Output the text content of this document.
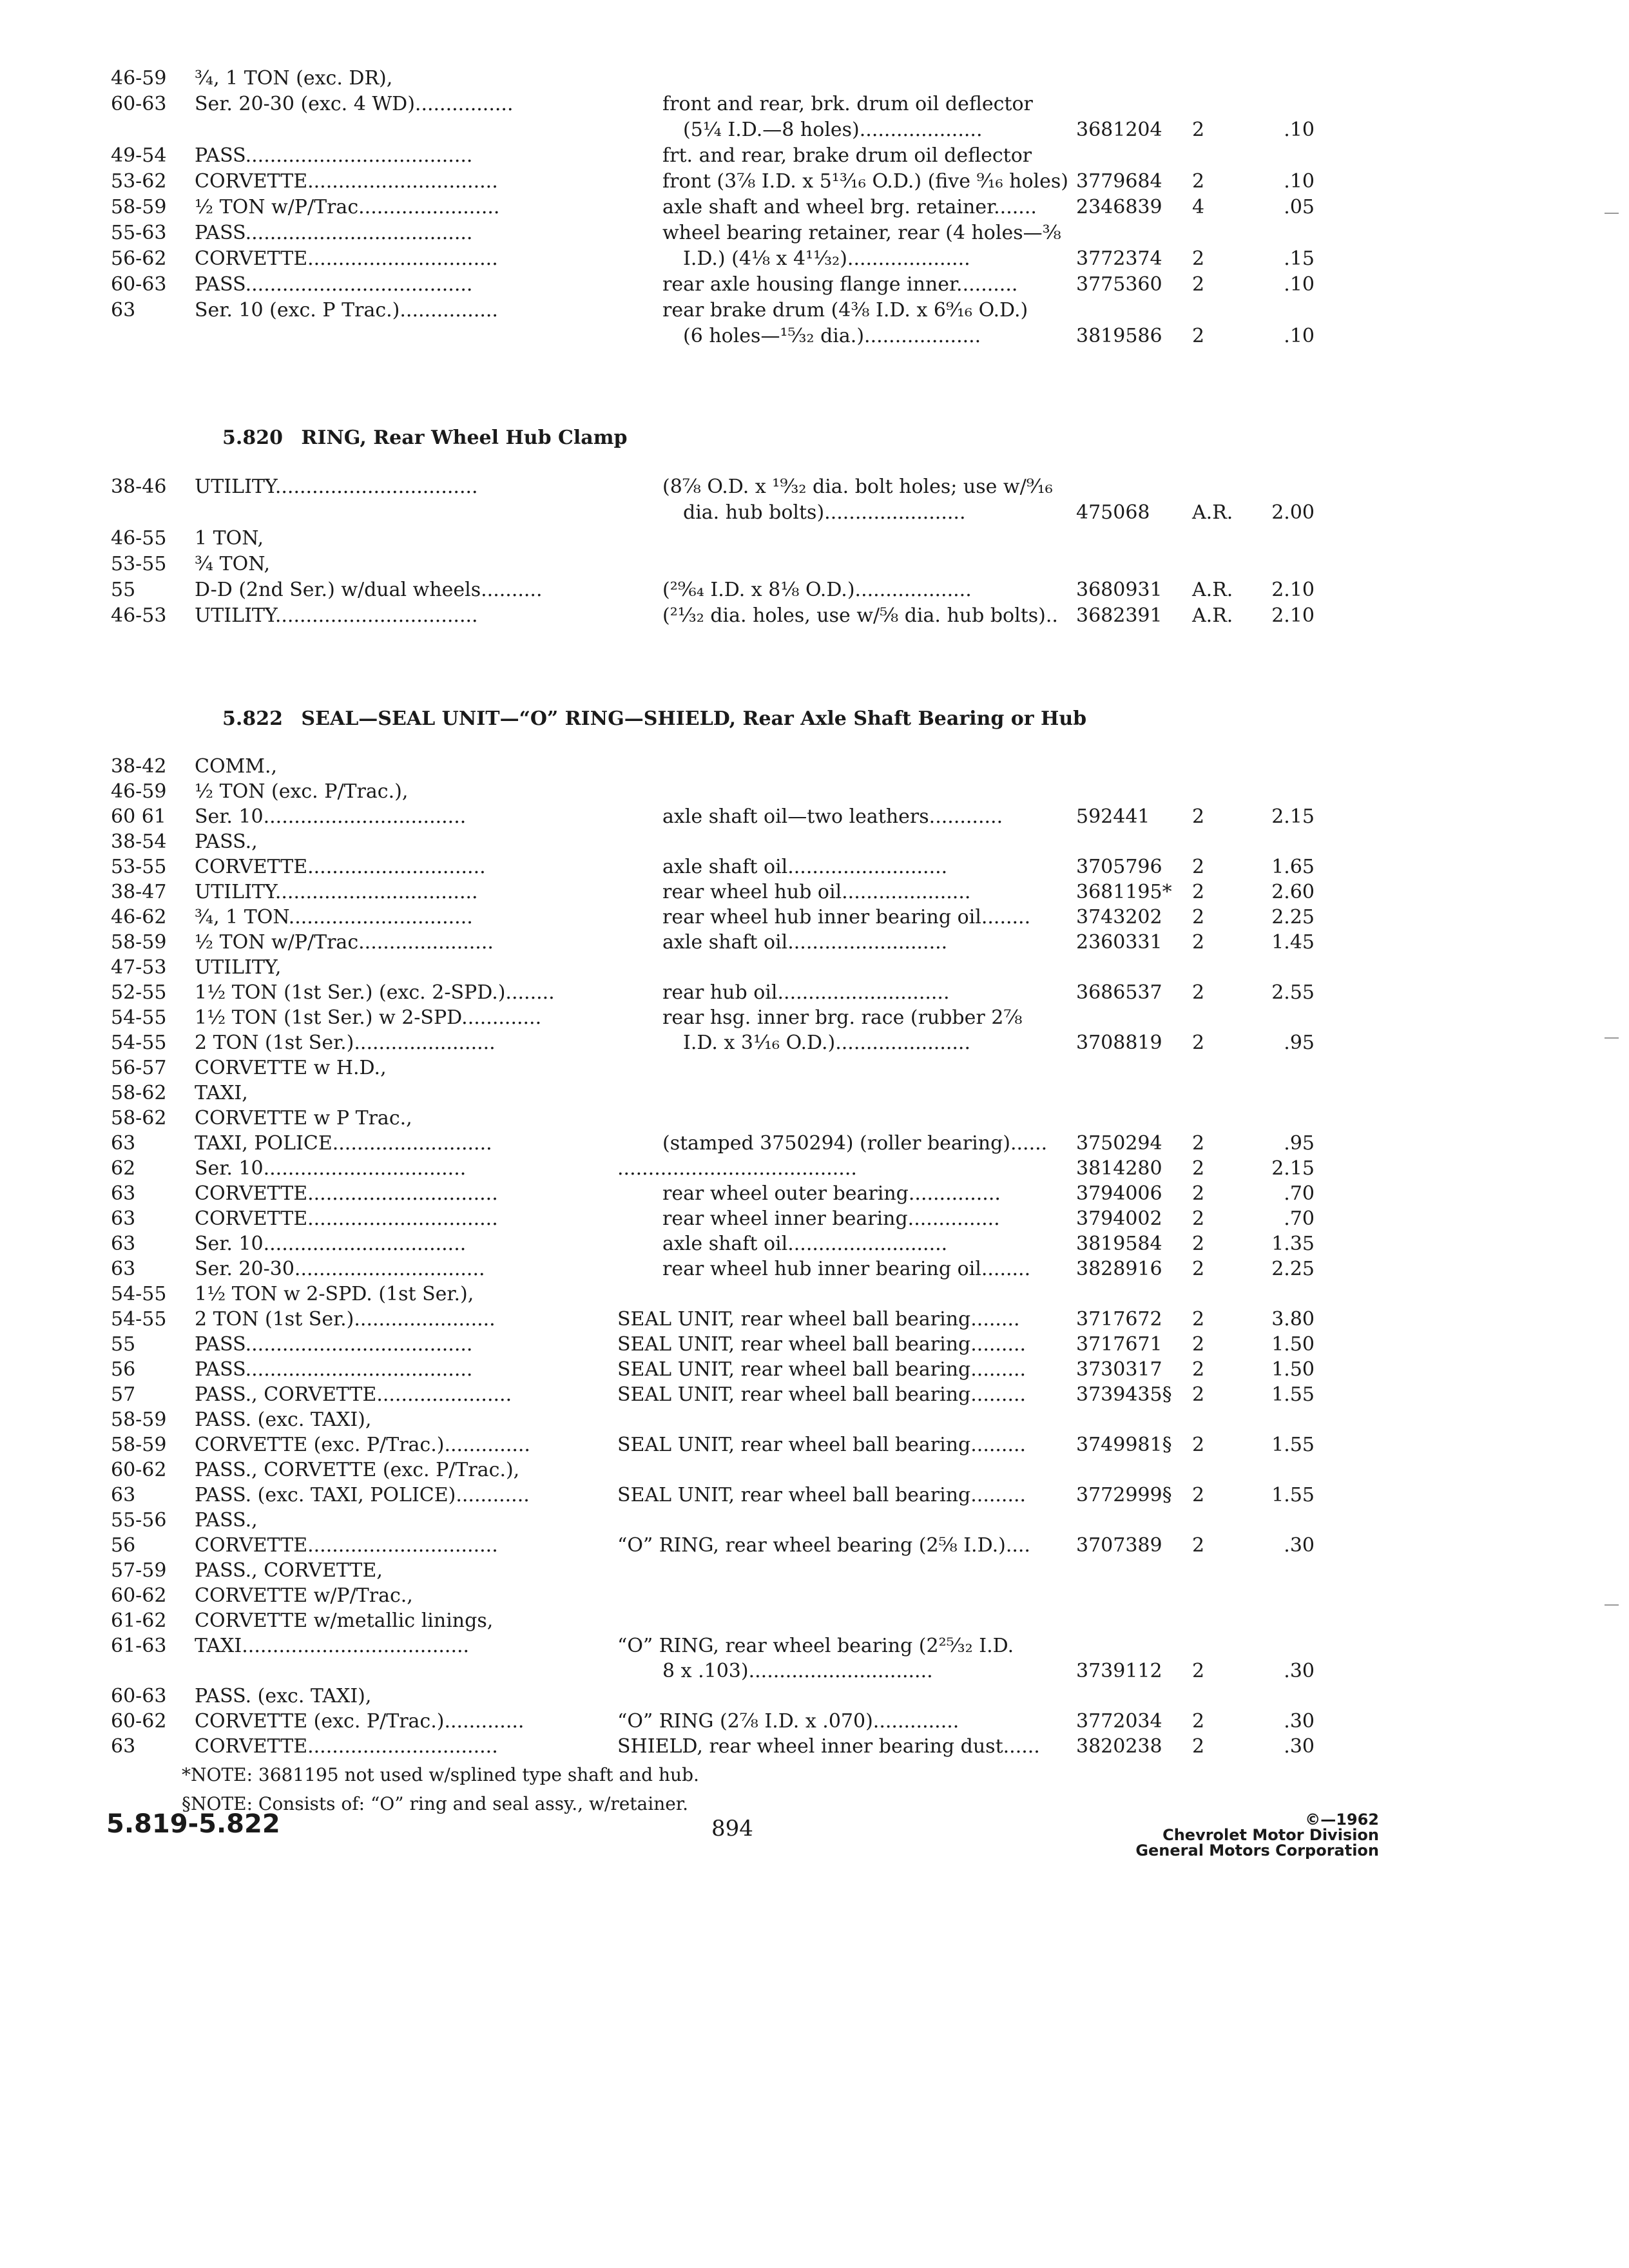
46-59	³⁄₄, 1 TON (exc. DR),
60-63	Ser. 20-30 (exc. 4 WD)................	front and rear, brk. drum oil deflector
(5¼ I.D.—8 holes)....................	3681204	2	.10
49-54	PASS.....................................	frt. and rear, brake drum oil deflector
53-62	CORVETTE...............................	front (3⅞ I.D. x 5¹³⁄₁₆ O.D.) (five ⁹⁄₁₆ holes) 3779684	2	.10
58-59	½ TON w/P/Trac.......................	axle shaft and wheel brg. retainer.......	2346839	4	.05
55-63	PASS.....................................	wheel bearing retainer, rear (4 holes—⅜
56-62	CORVETTE...............................	I.D.) (4⅛ x 4¹¹⁄₃₂)....................	3772374	2	.15
60-63	PASS.....................................	rear axle housing flange inner..........	3775360	2	.10
63	Ser. 10 (exc. P Trac.)................	rear brake drum (4⅜ I.D. x 6⁹⁄₁₆ O.D.)
(6 holes—¹⁵⁄₃₂ dia.)...................	3819586	2	.10
5.820 RING, Rear Wheel Hub Clamp
38-46	UTILITY.................................	(8⅞ O.D. x ¹⁹⁄₃₂ dia. bolt holes; use w/⁹⁄₁₆
dia. hub bolts).......................	475068	A.R.	2.00
46-55	1 TON,
53-55	³⁄₄ TON,
55	D-D (2nd Ser.) w/dual wheels..........	(²⁹⁄₆₄ I.D. x 8⅛ O.D.)...................	3680931	A.R.	2.10
46-53	UTILITY.................................	(²¹⁄₃₂ dia. holes, use w/⅝ dia. hub bolts).. 3682391	A.R.	2.10
5.822 SEAL—SEAL UNIT—“O” RING—SHIELD, Rear Axle Shaft Bearing or Hub
38-42	COMM.,
46-59	½ TON (exc. P/Trac.),
60 61	Ser. 10.................................	axle shaft oil—two leathers............	592441	2	2.15
38-54	PASS.,
53-55	CORVETTE.............................	axle shaft oil..........................	3705796	2	1.65
38-47	UTILITY.................................	rear wheel hub oil.....................	3681195*	2	2.60
46-62	³⁄₄, 1 TON..............................	rear wheel hub inner bearing oil........	3743202	2	2.25
58-59	½ TON w/P/Trac......................	axle shaft oil..........................	2360331	2	1.45
47-53	UTILITY,
52-55	1½ TON (1st Ser.) (exc. 2-SPD.)........	rear hub oil............................	3686537	2	2.55
54-55	1½ TON (1st Ser.) w 2-SPD.............	rear hsg. inner brg. race (rubber 2⅞
54-55	2 TON (1st Ser.).......................	I.D. x 3⅟₁₆ O.D.)......................	3708819	2	.95
56-57	CORVETTE w H.D.,
58-62	TAXI,
58-62	CORVETTE w P Trac.,
63	TAXI, POLICE..........................	(stamped 3750294) (roller bearing)......	3750294	2	.95
62	Ser. 10.................................	.......................................	3814280	2	2.15
63	CORVETTE...............................	rear wheel outer bearing...............	3794006	2	.70
63	CORVETTE...............................	rear wheel inner bearing...............	3794002	2	.70
63	Ser. 10.................................	axle shaft oil..........................	3819584	2	1.35
63	Ser. 20-30...............................	rear wheel hub inner bearing oil........	3828916	2	2.25
54-55	1½ TON w 2-SPD. (1st Ser.),
54-55	2 TON (1st Ser.).......................	SEAL UNIT, rear wheel ball bearing........	3717672	2	3.80
55	PASS.....................................	SEAL UNIT, rear wheel ball bearing.........	3717671	2	1.50
56	PASS.....................................	SEAL UNIT, rear wheel ball bearing.........	3730317	2	1.50
57	PASS., CORVETTE......................	SEAL UNIT, rear wheel ball bearing.........	3739435§	2	1.55
58-59	PASS. (exc. TAXI),
58-59	CORVETTE (exc. P/Trac.)..............	SEAL UNIT, rear wheel ball bearing.........	3749981§	2	1.55
60-62	PASS., CORVETTE (exc. P/Trac.),
63	PASS. (exc. TAXI, POLICE)............	SEAL UNIT, rear wheel ball bearing.........	3772999§	2	1.55
55-56	PASS.,
56	CORVETTE...............................	“O” RING, rear wheel bearing (2⅝ I.D.)....	3707389	2	.30
57-59	PASS., CORVETTE,
60-62	CORVETTE w/P/Trac.,
61-62	CORVETTE w/metallic linings,
61-63	TAXI.....................................	“O” RING, rear wheel bearing (2²⁵⁄₃₂ I.D.
8 x .103)..............................	3739112	2	.30
60-63	PASS. (exc. TAXI),
60-62	CORVETTE (exc. P/Trac.).............	“O” RING (2⅞ I.D. x .070)..............	3772034	2	.30
63	CORVETTE...............................	SHIELD, rear wheel inner bearing dust......	3820238	2	.30
*NOTE: 3681195 not used w/splined type shaft and hub.
§NOTE: Consists of: “O” ring and seal assy., w/retainer.
5.819-5.822	894	©—1962
Chevrolet Motor Division
General Motors Corporation
